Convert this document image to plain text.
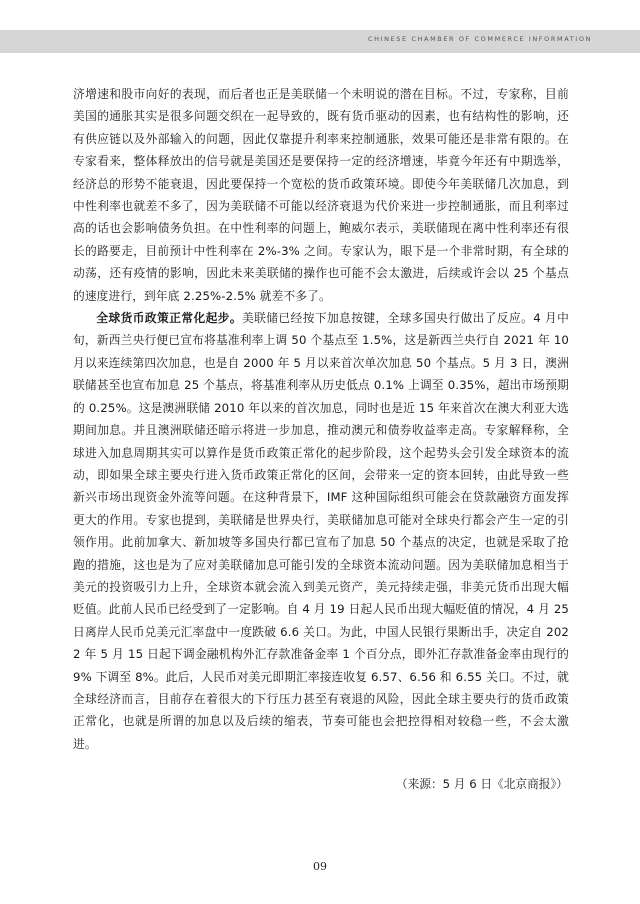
CHINESE CHAMBER OF COMMERCE INFORMATION

济增速和股市向好的表现，而后者也正是美联储一个未明说的潜在目标。不过，专家称，目前美国的通胀其实是很多问题交织在一起导致的，既有货币驱动的因素，也有结构性的影响，还有供应链以及外部输入的问题，因此仅靠提升利率来控制通胀，效果可能还是非常有限的。在专家看来，整体释放出的信号就是美国还是要保持一定的经济增速，毕竟今年还有中期选举，经济总的形势不能衰退，因此要保持一个宽松的货币政策环境。即使今年美联储几次加息，到中性利率也就差不多了，因为美联储不可能以经济衰退为代价来进一步控制通胀，而且利率过高的话也会影响债务负担。在中性利率的问题上，鲍威尔表示，美联储现在离中性利率还有很长的路要走，目前预计中性利率在 2%-3% 之间。专家认为，眼下是一个非常时期，有全球的动荡，还有疫情的影响，因此未来美联储的操作也可能不会太激进，后续或许会以 25 个基点的速度进行，到年底 2.25%-2.5% 就差不多了。

全球货币政策正常化起步。美联储已经按下加息按键，全球多国央行做出了反应。4 月中旬，新西兰央行便已宣布将基准利率上调 50 个基点至 1.5%，这是新西兰央行自 2021 年 10 月以来连续第四次加息，也是自 2000 年 5 月以来首次单次加息 50 个基点。5 月 3 日，澳洲联储甚至也宣布加息 25 个基点，将基准利率从历史低点 0.1% 上调至 0.35%，超出市场预期的 0.25%。这是澳洲联储 2010 年以来的首次加息，同时也是近 15 年来首次在澳大利亚大选期间加息。并且澳洲联储还暗示将进一步加息，推动澳元和债券收益率走高。专家解释称，全球进入加息周期其实可以算作是货币政策正常化的起步阶段，这个起势头会引发全球资本的流动，即如果全球主要央行进入货币政策正常化的区间，会带来一定的资本回转，由此导致一些新兴市场出现资金外流等问题。在这种背景下，IMF 这种国际组织可能会在贷款融资方面发挥更大的作用。专家也提到，美联储是世界央行，美联储加息可能对全球央行都会产生一定的引领作用。此前加拿大、新加坡等多国央行都已宣布了加息 50 个基点的决定，也就是采取了抢跑的措施，这也是为了应对美联储加息可能引发的全球资本流动问题。因为美联储加息相当于美元的投资吸引力上升，全球资本就会流入到美元资产，美元持续走强，非美元货币出现大幅贬值。此前人民币已经受到了一定影响。自 4 月 19 日起人民币出现大幅贬值的情况，4 月 25 日离岸人民币兑美元汇率盘中一度跌破 6.6 关口。为此，中国人民银行果断出手，决定自 2022 年 5 月 15 日起下调金融机构外汇存款准备金率 1 个百分点，即外汇存款准备金率由现行的 9% 下调至 8%。此后，人民币对美元即期汇率接连收复 6.57、6.56 和 6.55 关口。不过，就全球经济而言，目前存在着很大的下行压力甚至有衰退的风险，因此全球主要央行的货币政策正常化，也就是所谓的加息以及后续的缩表，节奏可能也会把控得相对较稳一些，不会太激进。

（来源：5 月 6 日《北京商报》）
09
